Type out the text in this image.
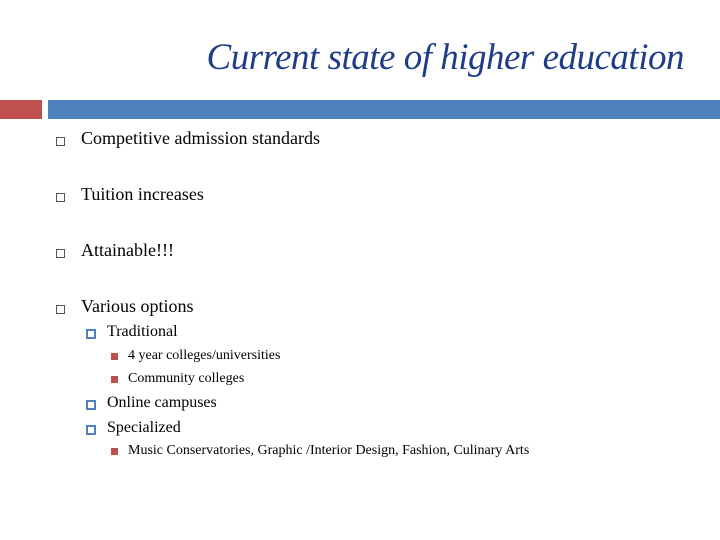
Current state of higher education
Competitive admission standards
Tuition increases
Attainable!!!
Various options
Traditional
4 year colleges/universities
Community colleges
Online campuses
Specialized
Music Conservatories, Graphic /Interior Design, Fashion, Culinary Arts
